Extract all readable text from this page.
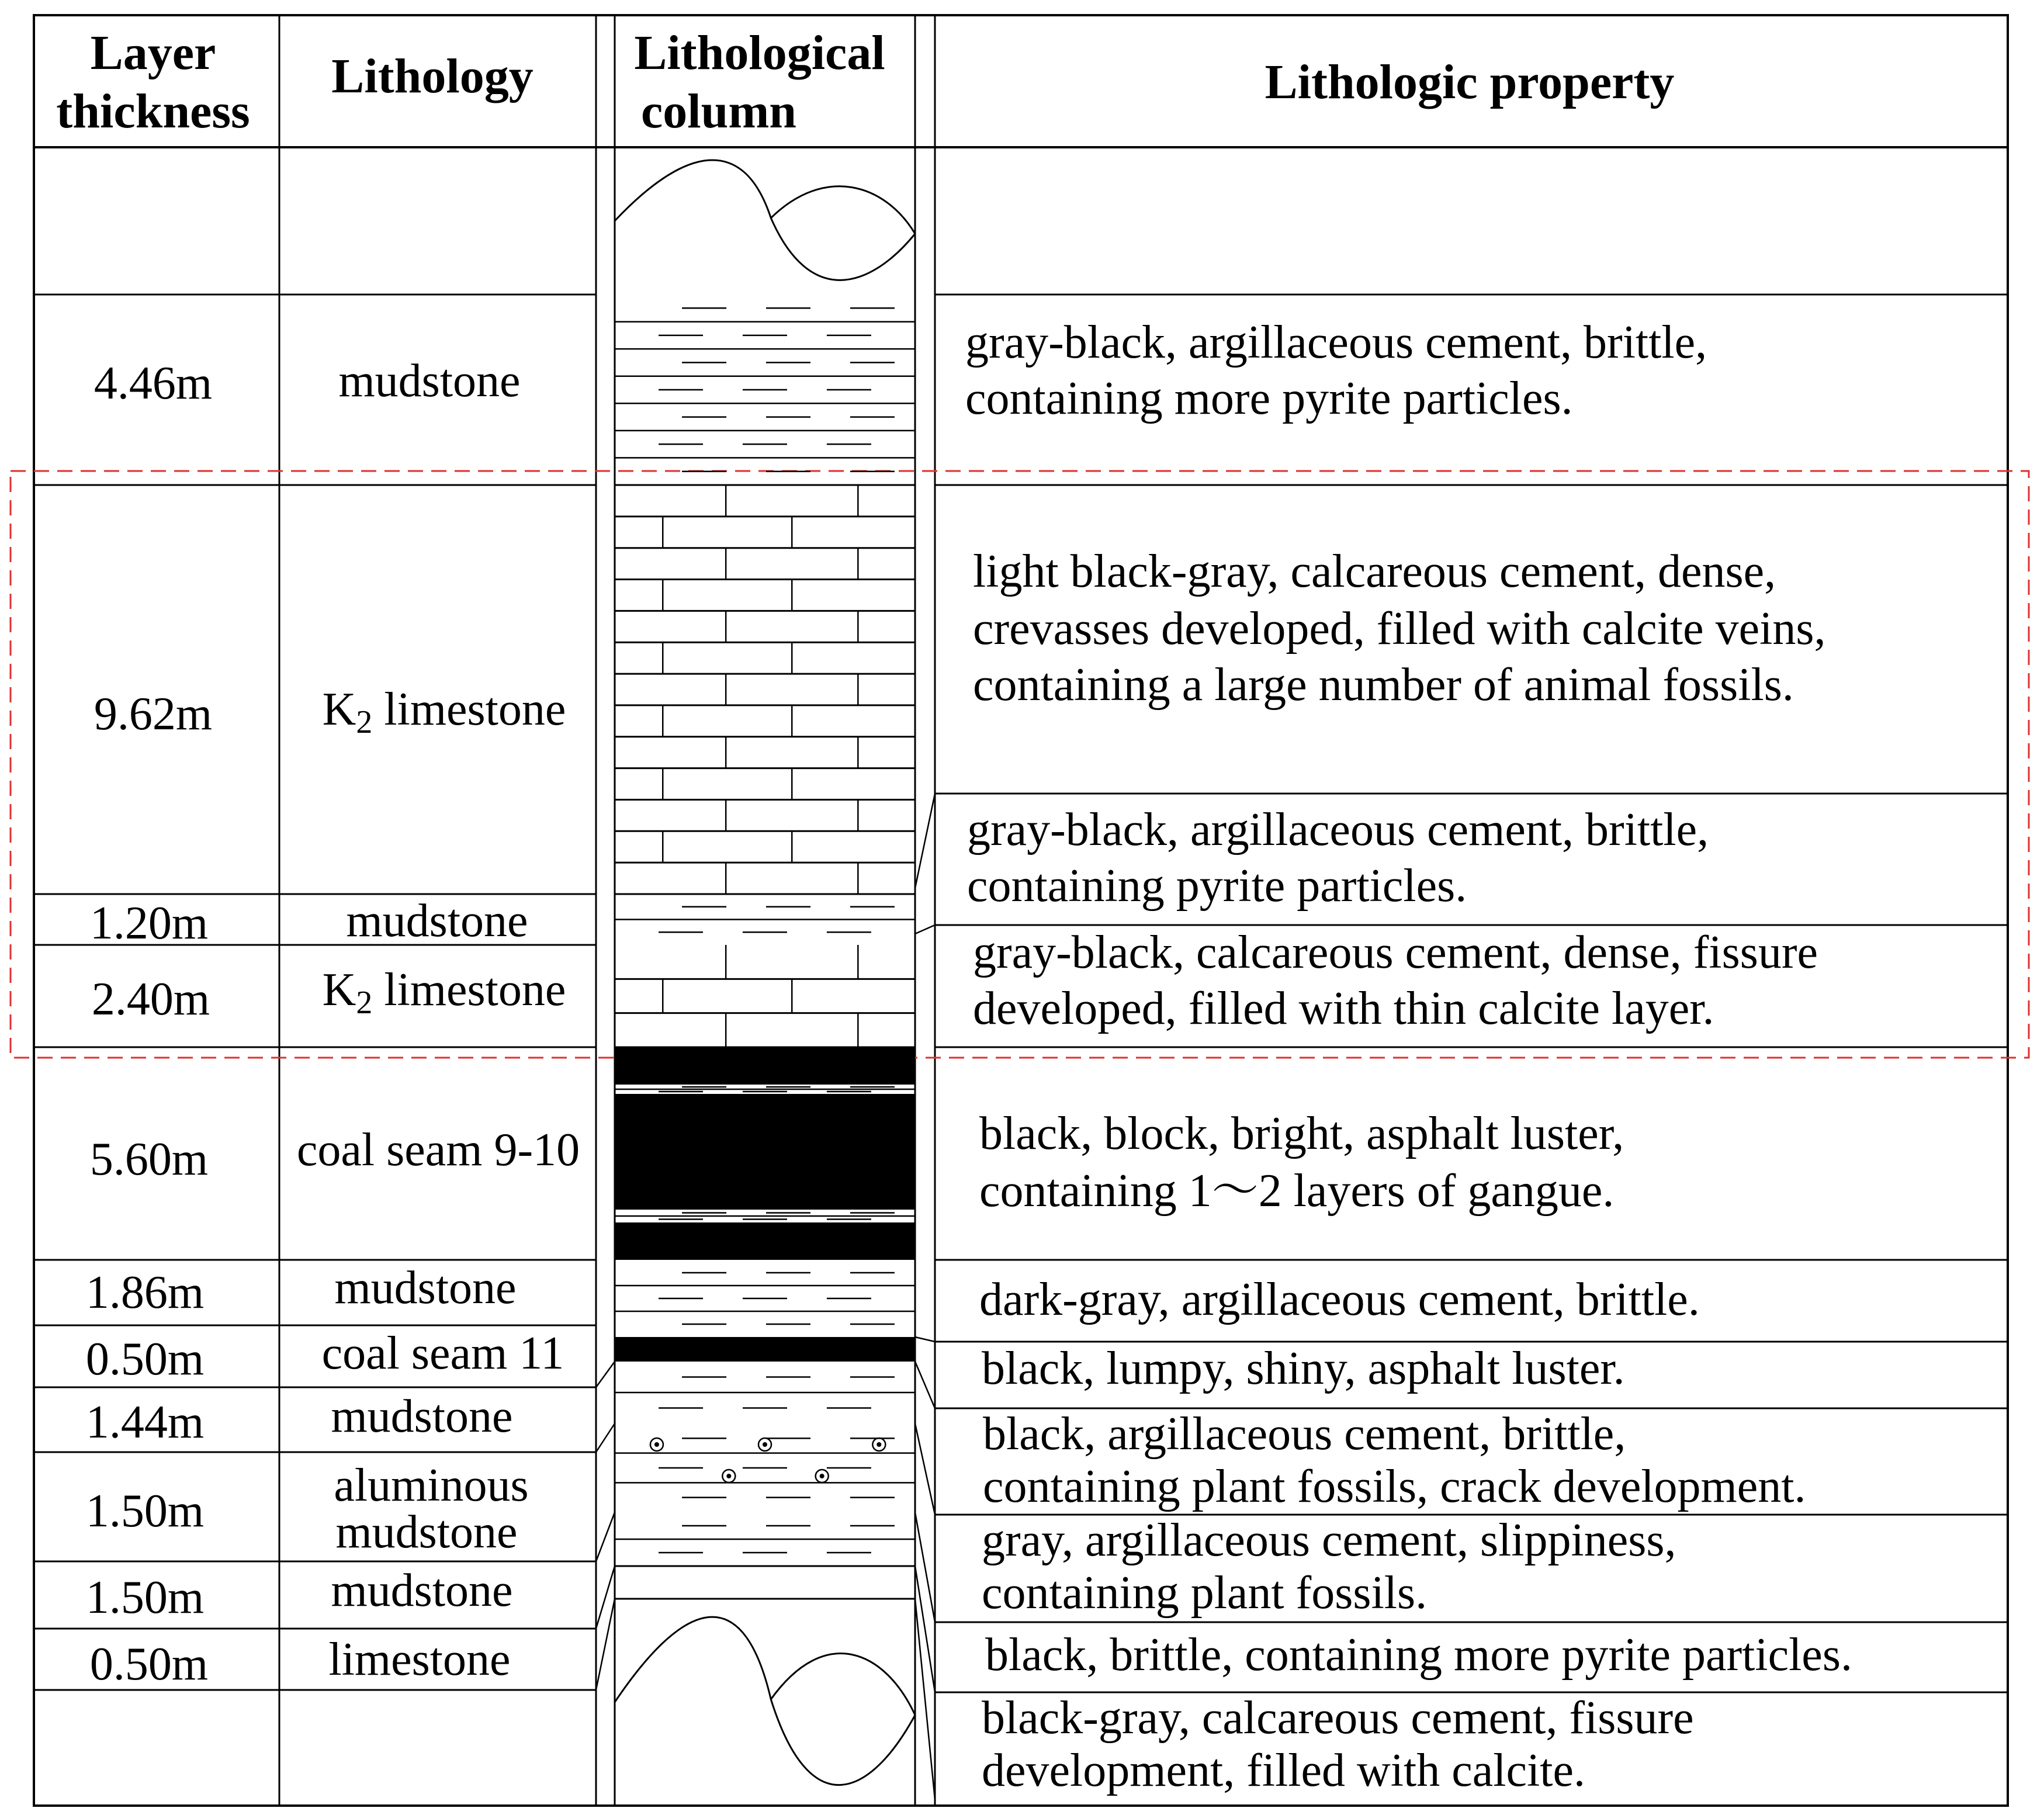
Layer
thickness
Lithology Lithological
column
Lithologic property
4.46m
9.62m
1.20m
2.40m
5.60m
1.86m
0.50m
1.44m
1.50m
1.50m
0.50m
mudstone
K2 limestone
mudstone
K2 limestone
coal seam 9-10
mudstone
coal seam 11
mudstone
aluminous
mudstone
mudstone
limestone
gray-black, argillaceous cement, brittle,
containing more pyrite particles.
light black-gray, calcareous cement, dense,
crevasses developed, filled with calcite veins,
containing a large number of animal fossils.
gray-black, argillaceous cement, brittle,
containing pyrite particles.
gray-black, calcareous cement, dense, fissure
developed, filled with thin calcite layer.
black, block, bright, asphalt luster,
containing 1～2 layers of gangue.
dark-gray, argillaceous cement, brittle.
black, lumpy, shiny, asphalt luster.
black, argillaceous cement, brittle,
containing plant fossils, crack development.
gray, argillaceous cement, slippiness,
containing plant fossils.
black, brittle, containing more pyrite particles.
black-gray, calcareous cement, fissure
development, filled with calcite.
